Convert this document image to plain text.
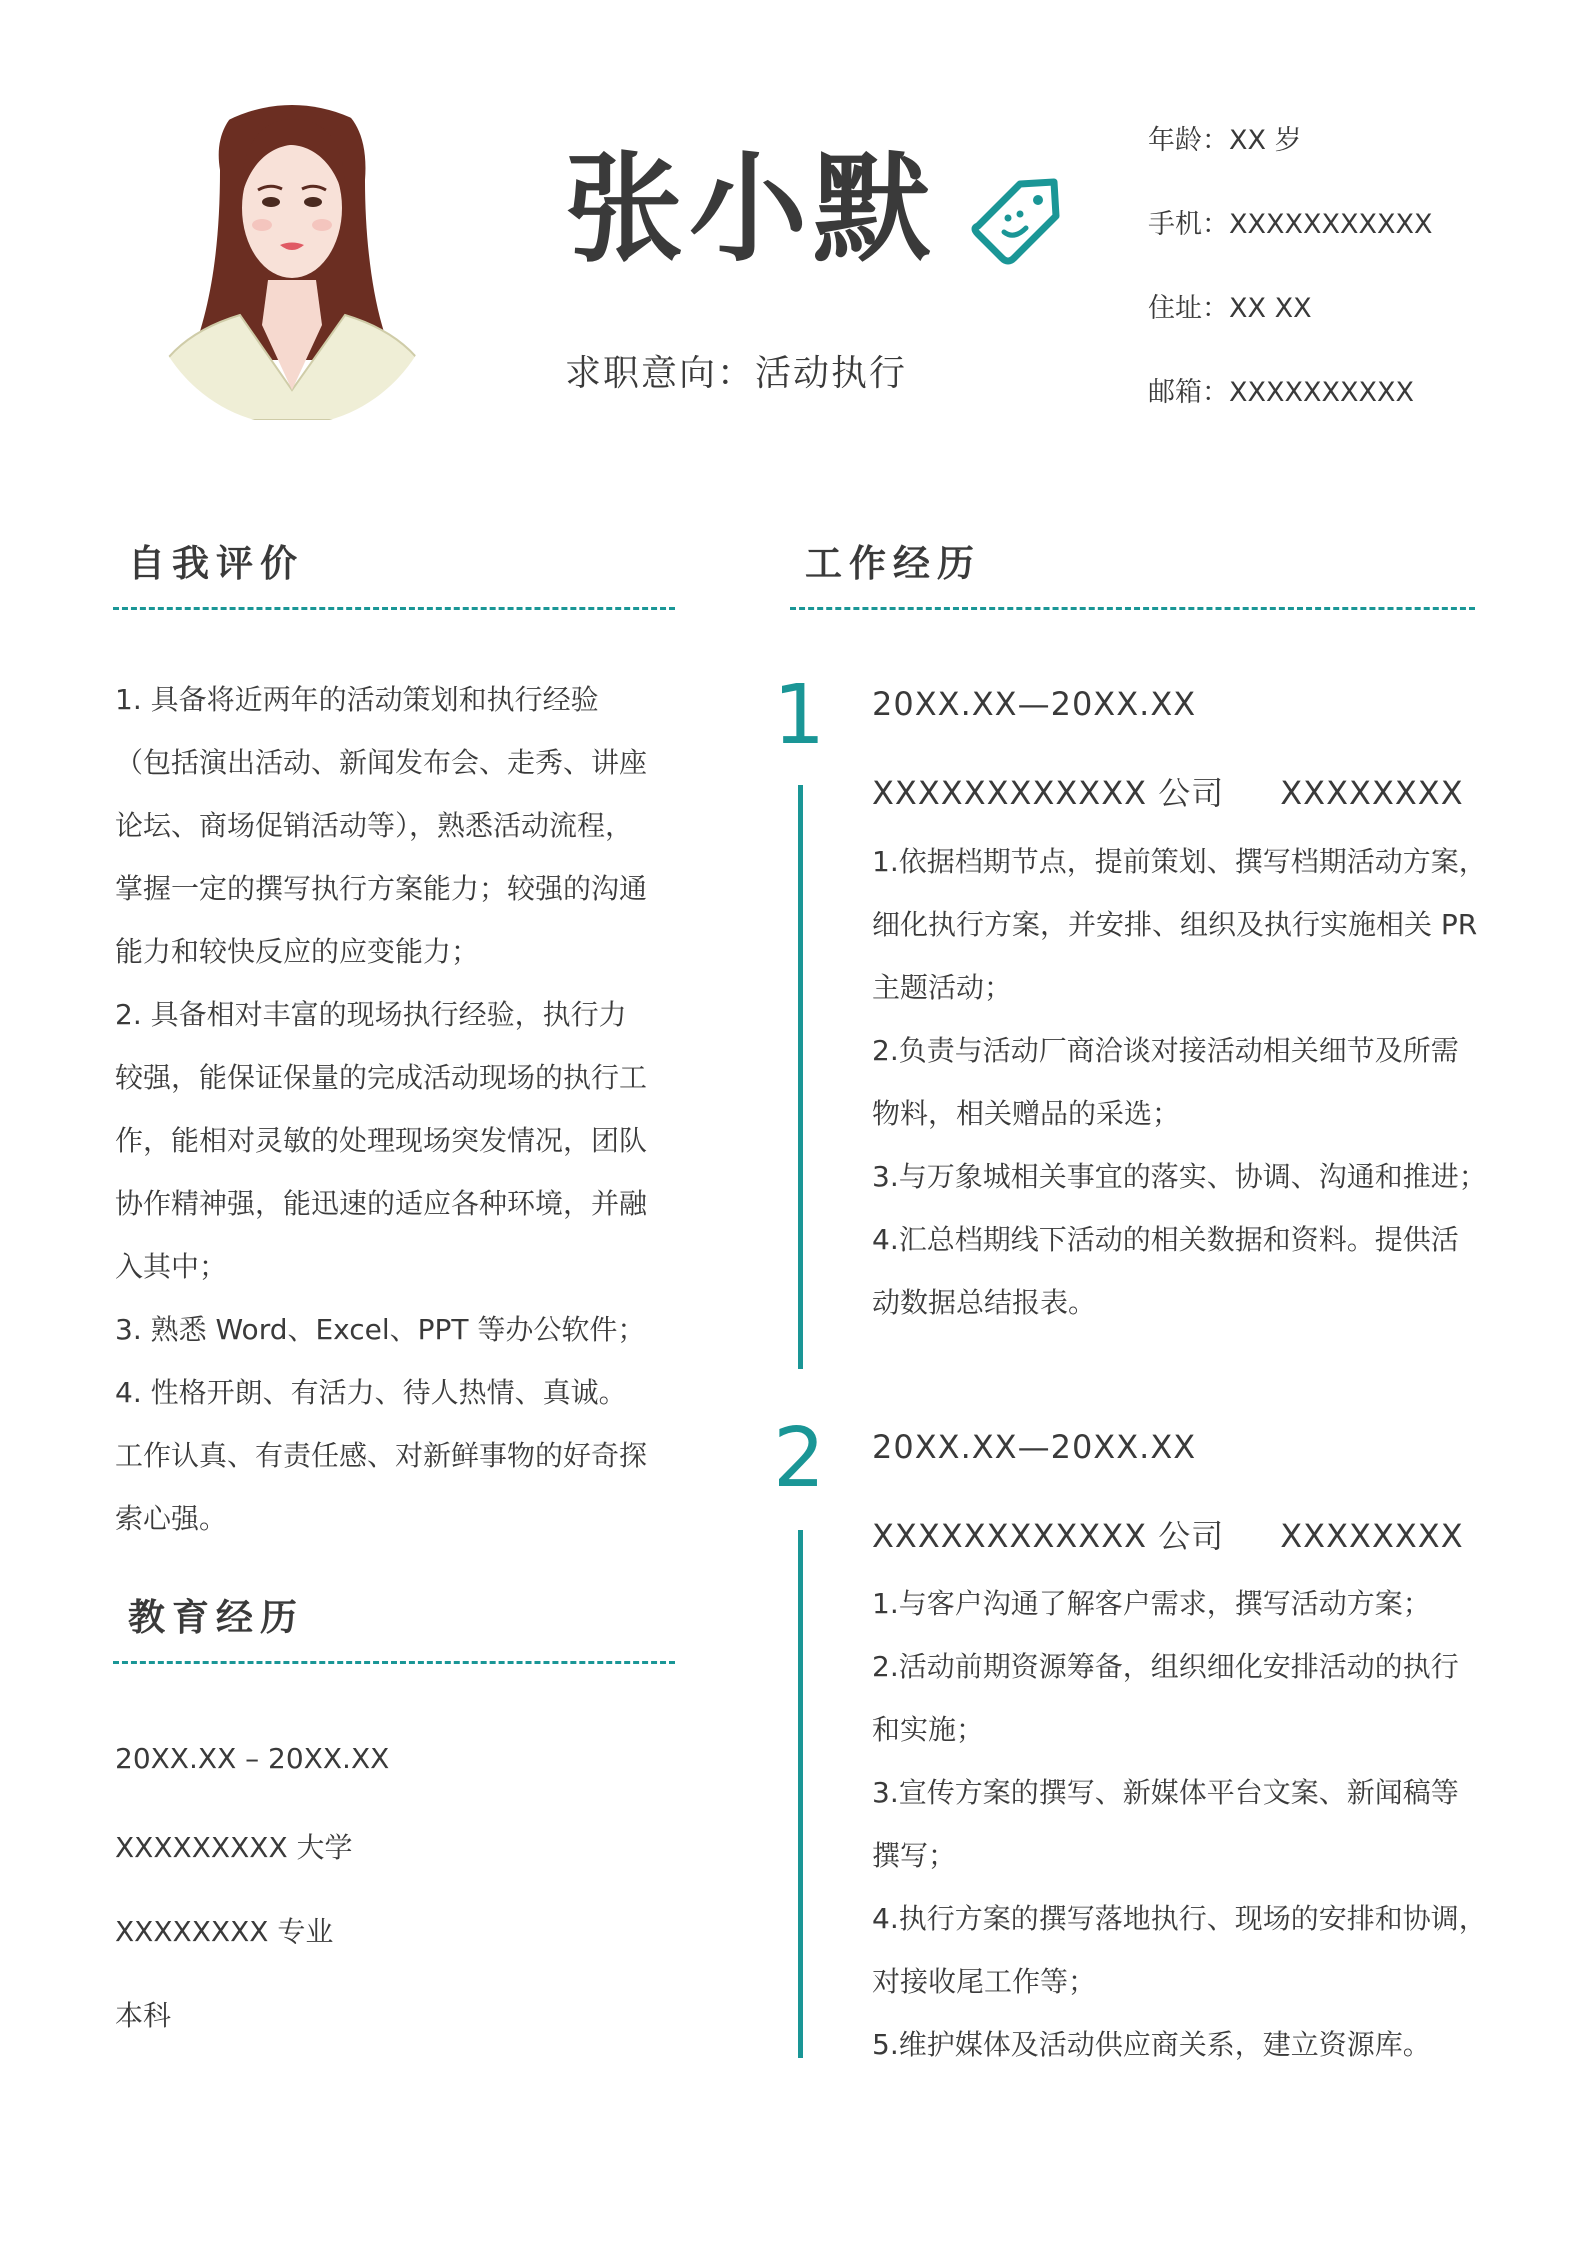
张小默
求职意向：活动执行
年龄：XX 岁
手机：XXXXXXXXXXX
住址：XX XX
邮箱：XXXXXXXXXX
自我评价

1. 具备将近两年的活动策划和执行经验

（包括演出活动、新闻发布会、走秀、讲座

论坛、商场促销活动等），熟悉活动流程，

掌握一定的撰写执行方案能力；较强的沟通

能力和较快反应的应变能力；

2. 具备相对丰富的现场执行经验，执行力

较强，能保证保量的完成活动现场的执行工

作，能相对灵敏的处理现场突发情况，团队

协作精神强，能迅速的适应各种环境，并融

入其中；

3. 熟悉 Word、Excel、PPT 等办公软件；

4. 性格开朗、有活力、待人热情、真诚。

工作认真、有责任感、对新鲜事物的好奇探

索心强。

教育经历
20XX.XX – 20XX.XX
XXXXXXXXX 大学
XXXXXXXX 专业
本科
工作经历
1 20XX.XX—20XX.XX
XXXXXXXXXXXX 公司 XXXXXXXX

1.依据档期节点，提前策划、撰写档期活动方案，

细化执行方案，并安排、组织及执行实施相关 PR

主题活动；

2.负责与活动厂商洽谈对接活动相关细节及所需

物料，相关赠品的采选；

3.与万象城相关事宜的落实、协调、沟通和推进；

4.汇总档期线下活动的相关数据和资料。提供活

动数据总结报表。

2 20XX.XX—20XX.XX
XXXXXXXXXXXX 公司 XXXXXXXX

1.与客户沟通了解客户需求，撰写活动方案；

2.活动前期资源筹备，组织细化安排活动的执行

和实施；

3.宣传方案的撰写、新媒体平台文案、新闻稿等

撰写；

4.执行方案的撰写落地执行、现场的安排和协调，

对接收尾工作等；

5.维护媒体及活动供应商关系，建立资源库。
